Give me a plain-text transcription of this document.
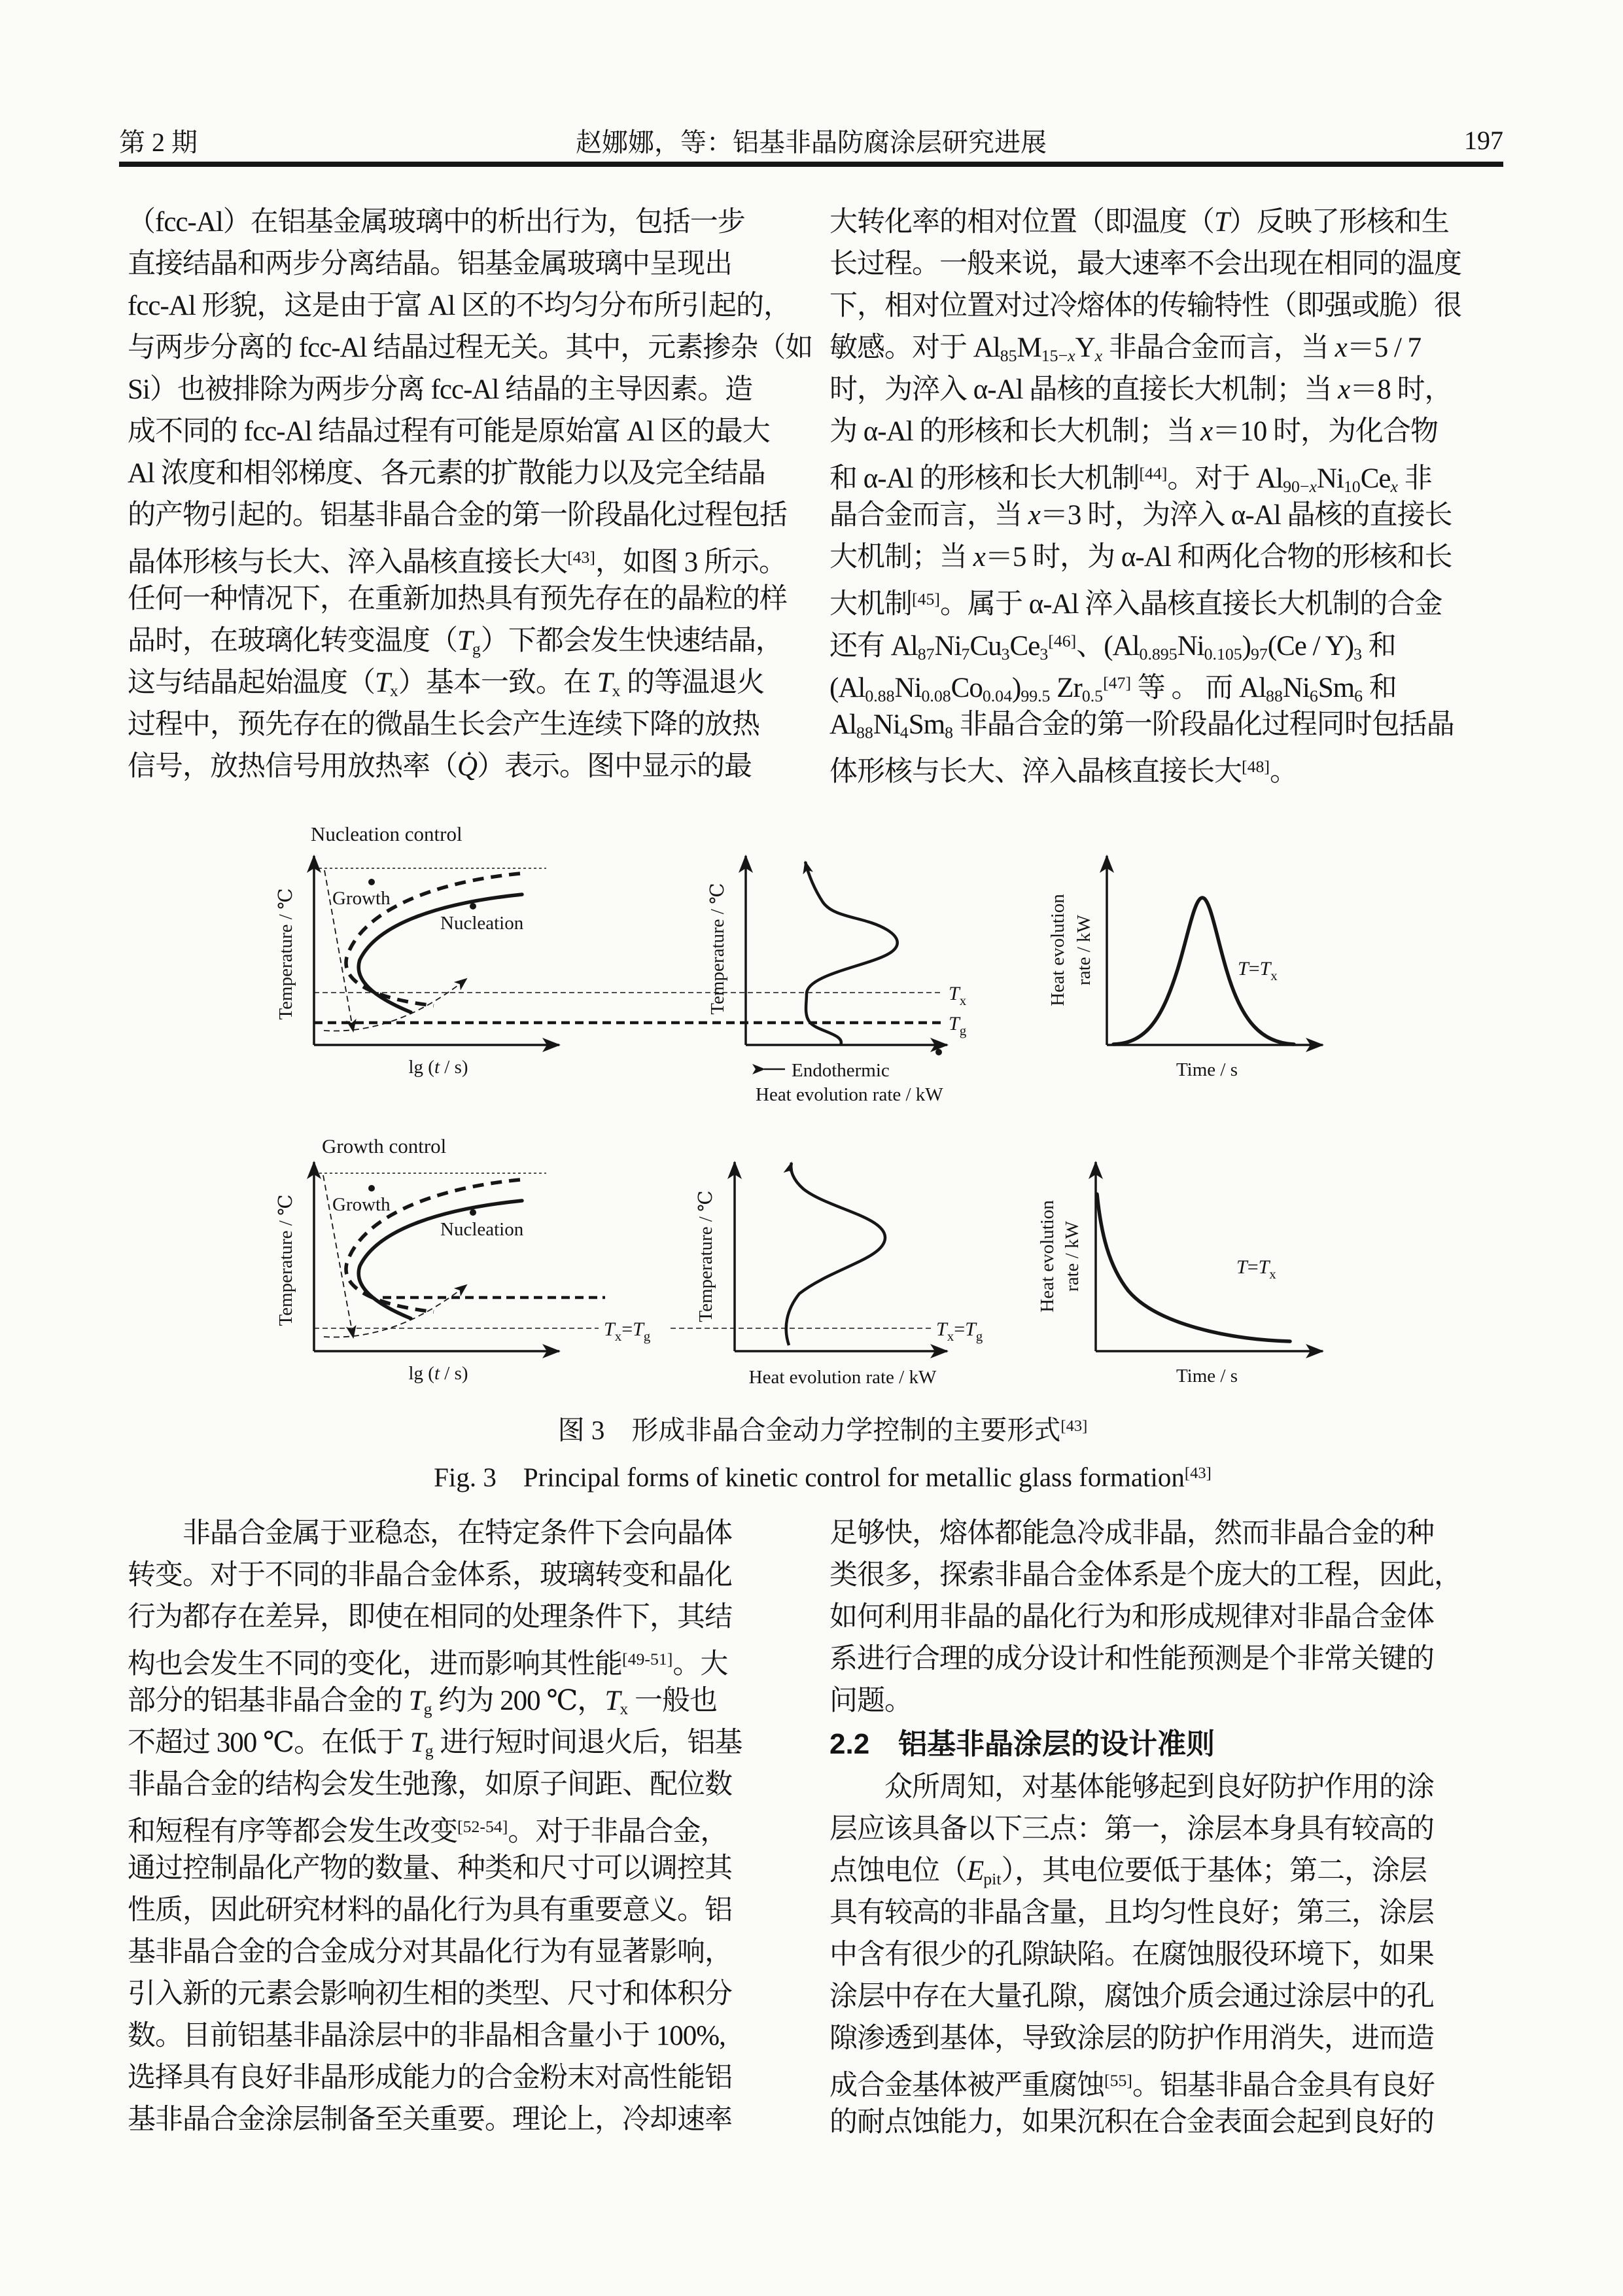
赵娜娜，等：铝基非晶防腐涂层研究进展
第 2 期	197
（fcc-Al）在铝基金属玻璃中的析出行为，包括一步
直接结晶和两步分离结晶。铝基金属玻璃中呈现出
fcc-Al 形貌，这是由于富 Al 区的不均匀分布所引起的，
与两步分离的 fcc-Al 结晶过程无关。其中，元素掺杂（如
Si）也被排除为两步分离 fcc-Al 结晶的主导因素。造
成不同的 fcc-Al 结晶过程有可能是原始富 Al 区的最大
Al 浓度和相邻梯度、各元素的扩散能力以及完全结晶
的产物引起的。铝基非晶合金的第一阶段晶化过程包括
晶体形核与长大、淬入晶核直接长大[43]，如图 3 所示。
任何一种情况下，在重新加热具有预先存在的晶粒的样
品时，在玻璃化转变温度$(T_g)$下都会发生快速结晶，
这与结晶起始温度$(T_x)$基本一致。在 $T_x$ 的等温退火
过程中，预先存在的微晶生长会产生连续下降的放热
信号，放热信号用放热率（Q̇）表示。图中显示的最
大转化率的相对位置（即温度（T）反映了形核和生
长过程。一般来说，最大速率不会出现在相同的温度
下，相对位置对过冷熔体的传输特性（即强或脆）很
敏感。对于 $Al_{85}M_{15-x}Y_x$ 非晶合金而言，当 x＝5 / 7
时，为淬入 α-Al 晶核的直接长大机制；当 x＝8 时，
为 α-Al 的形核和长大机制；当 x＝10 时，为化合物
和 α-Al 的形核和长大机制[44]。对于 $Al_{90-x}Ni_{10}Ce_x$ 非
晶合金而言，当 x＝3 时，为淬入 α-Al 晶核的直接长
大机制；当 x＝5 时，为 α-Al 和两化合物的形核和长
大机制[45]。属于 α-Al 淬入晶核直接长大机制的合金
还有 $Al_{87}Ni_7Cu_3Ce_3[46]$、$(Al_{0.895}Ni_{0.105})_{97}(Ce / Y)_3$ 和
$(Al_{0.88}Ni_{0.08}Co_{0.04})_{99.5}$ $Zr_{0.5}[47]$ 等 。 而 $Al_{88}Ni_6Sm_6$ 和
$Al_{88}Ni_4Sm_8$ 非晶合金的第一阶段晶化过程同时包括晶
体形核与长大、淬入晶核直接长大[48]。
Nucleation control
Temperature / ℃
lg (t / s)
Growth
Nucleation
$T_x$
$T_g$
Temperature / ℃
Endothermic
Heat evolution rate / kW
Heat evolution rate / kW	$T=T_x$
Time / s
Growth control
Temperature / ℃
lg (t / s)
Growth
Nucleation
$T_x=T_g$	$T_x=T_g$
Temperature / ℃
Heat evolution rate / kW
Heat evolution rate / kW	$T=T_x$
Time / s
图 3　形成非晶合金动力学控制的主要形式[43]
Fig. 3　Principal forms of kinetic control for metallic glass formation[43]
　　非晶合金属于亚稳态，在特定条件下会向晶体
转变。对于不同的非晶合金体系，玻璃转变和晶化
行为都存在差异，即使在相同的处理条件下，其结
构也会发生不同的变化，进而影响其性能[49-51]。大
部分的铝基非晶合金的 $T_g$ 约为 200 ℃，$T_x$ 一般也
不超过 300 ℃。在低于 $T_g$ 进行短时间退火后，铝基
非晶合金的结构会发生弛豫，如原子间距、配位数
和短程有序等都会发生改变[52-54]。对于非晶合金，
通过控制晶化产物的数量、种类和尺寸可以调控其
性质，因此研究材料的晶化行为具有重要意义。铝
基非晶合金的合金成分对其晶化行为有显著影响，
引入新的元素会影响初生相的类型、尺寸和体积分
数。目前铝基非晶涂层中的非晶相含量小于 100%,
选择具有良好非晶形成能力的合金粉末对高性能铝
基非晶合金涂层制备至关重要。理论上，冷却速率
足够快，熔体都能急冷成非晶，然而非晶合金的种
类很多，探索非晶合金体系是个庞大的工程，因此，
如何利用非晶的晶化行为和形成规律对非晶合金体
系进行合理的成分设计和性能预测是个非常关键的
问题。
2.2　铝基非晶涂层的设计准则
　　众所周知，对基体能够起到良好防护作用的涂
层应该具备以下三点：第一，涂层本身具有较高的
点蚀电位$(E_{pit})$，其电位要低于基体；第二，涂层
具有较高的非晶含量，且均匀性良好；第三，涂层
中含有很少的孔隙缺陷。在腐蚀服役环境下，如果
涂层中存在大量孔隙，腐蚀介质会通过涂层中的孔
隙渗透到基体，导致涂层的防护作用消失，进而造
成合金基体被严重腐蚀[55]。铝基非晶合金具有良好
的耐点蚀能力，如果沉积在合金表面会起到良好的
